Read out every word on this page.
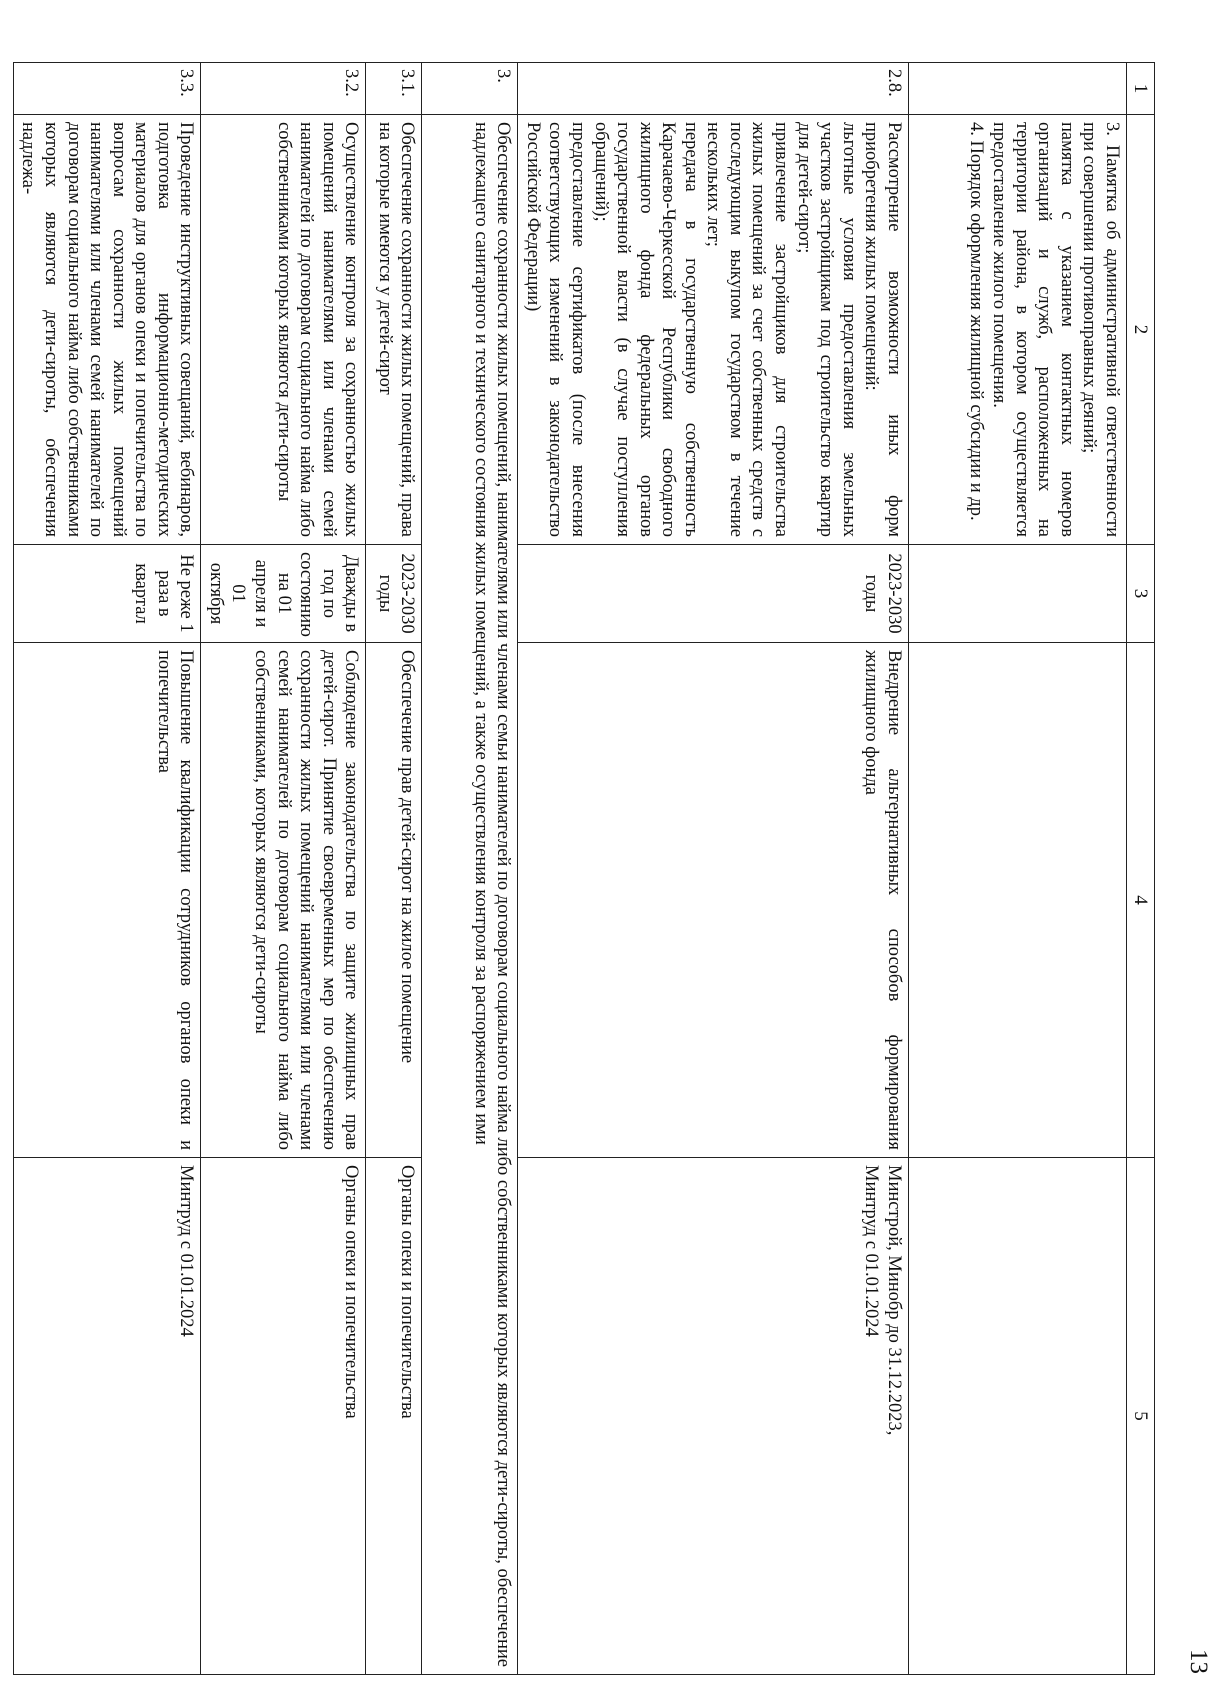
13
1	2	3	4	5

	3. Памятка об административной ответственности при совершении противоправных деяний;
памятка с указанием контактных номеров организаций и служб, расположенных на территории района, в котором осуществляется предоставление жилого помещения.
4. Порядок оформления жилищной субсидии и др.			

2.8.	Рассмотрение возможности иных форм приобретения жилых помещений:
льготные условия предоставления земельных участков застройщикам под строительство квартир для детей-сирот;
привлечение застройщиков для строительства жилых помещений за счет собственных средств с последующим выкупом государством в течение нескольких лет;
передача в государственную собственность Карачаево-Черкесской Республики свободного жилищного фонда федеральных органов государственной власти (в случае поступления обращений);
предоставление сертификатов (после внесения соответствующих изменений в законодательство Российской Федерации)	2023-2030 годы	Внедрение альтернативных способов формирования жилищного фонда	Минстрой, Минобр до 31.12.2023,
Минтруд с 01.01.2024

3.	Обеспечение сохранности жилых помещений, нанимателями или членами семьи нанимателей по договорам социального найма либо собственниками которых являются дети-сироты, обеспечение надлежащего санитарного и технического состояния жилых помещений, а также осуществления контроля за распоряжением ими			
3.1.	Обеспечение сохранности жилых помещений, права на которые имеются у детей-сирот	2023-2030 годы	Обеспечение прав детей-сирот на жилое помещение	Органы опеки и попечительства
3.2.	Осуществление контроля за сохранностью жилых помещений нанимателями или членами семей нанимателей по договорам социального найма либо собственниками которых являются дети-сироты	Дважды в год по состоянию на 01 апреля и 01 октября	Соблюдение законодательства по защите жилищных прав детей-сирот. Принятие своевременных мер по обеспечению сохранности жилых помещений нанимателями или членами семей нанимателей по договорам социального найма либо собственниками, которых являются дети-сироты	Органы опеки и попечительства
3.3.	Проведение инструктивных совещаний, вебинаров, подготовка информационно-методических материалов для органов опеки и попечительства по вопросам сохранности жилых помещений нанимателями или членами семей нанимателей по договорам социального найма либо собственниками которых являются дети-сироты, обеспечения надлежа-	Не реже 1 раза в квартал	Повышение квалификации сотрудников органов опеки и попечительства	Минтруд с 01.01.2024
